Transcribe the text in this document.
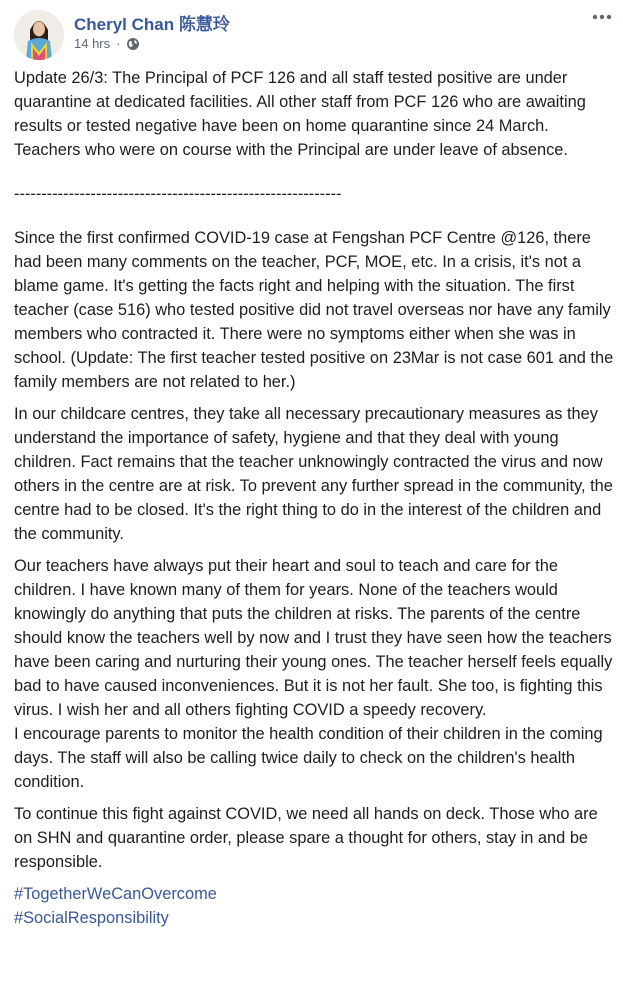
Cheryl Chan 陈慧玲
14 hrs ·

Update 26/3: The Principal of PCF 126 and all staff tested positive are under quarantine at dedicated facilities. All other staff from PCF 126 who are awaiting results or tested negative have been on home quarantine since 24 March. Teachers who were on course with the Principal are under leave of absence.

------------------------------------------------------------

Since the first confirmed COVID-19 case at Fengshan PCF Centre @126, there had been many comments on the teacher, PCF, MOE, etc. In a crisis, it's not a blame game. It's getting the facts right and helping with the situation. The first teacher (case 516) who tested positive did not travel overseas nor have any family members who contracted it. There were no symptoms either when she was in school. (Update: The first teacher tested positive on 23Mar is not case 601 and the family members are not related to her.)

In our childcare centres, they take all necessary precautionary measures as they understand the importance of safety, hygiene and that they deal with young children. Fact remains that the teacher unknowingly contracted the virus and now others in the centre are at risk. To prevent any further spread in the community, the centre had to be closed. It's the right thing to do in the interest of the children and the community.

Our teachers have always put their heart and soul to teach and care for the children. I have known many of them for years. None of the teachers would knowingly do anything that puts the children at risks. The parents of the centre should know the teachers well by now and I trust they have seen how the teachers have been caring and nurturing their young ones. The teacher herself feels equally bad to have caused inconveniences. But it is not her fault. She too, is fighting this virus. I wish her and all others fighting COVID a speedy recovery.

I encourage parents to monitor the health condition of their children in the coming days. The staff will also be calling twice daily to check on the children's health condition.

To continue this fight against COVID, we need all hands on deck. Those who are on SHN and quarantine order, please spare a thought for others, stay in and be responsible.

#TogetherWeCanOvercome
#SocialResponsibility
